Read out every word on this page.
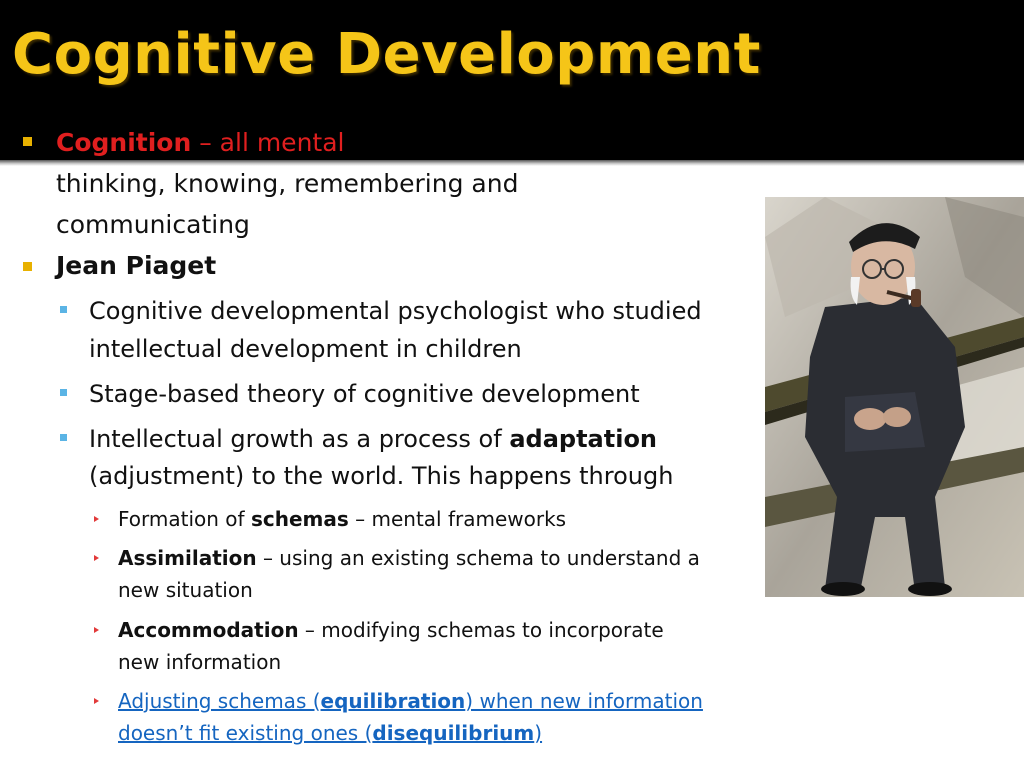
Cognitive Development

Cognition – all mental

thinking, knowing, remembering and

communicating

Jean Piaget

Cognitive developmental psychologist who studied

intellectual development in children

Stage-based theory of cognitive development

Intellectual growth as a process of adaptation

(adjustment) to the world. This happens through

Formation of schemas – mental frameworks

Assimilation – using an existing schema to understand a

new situation

Accommodation – modifying schemas to incorporate

new information

Adjusting schemas (equilibration) when new information

doesn’t fit existing ones (disequilibrium)
